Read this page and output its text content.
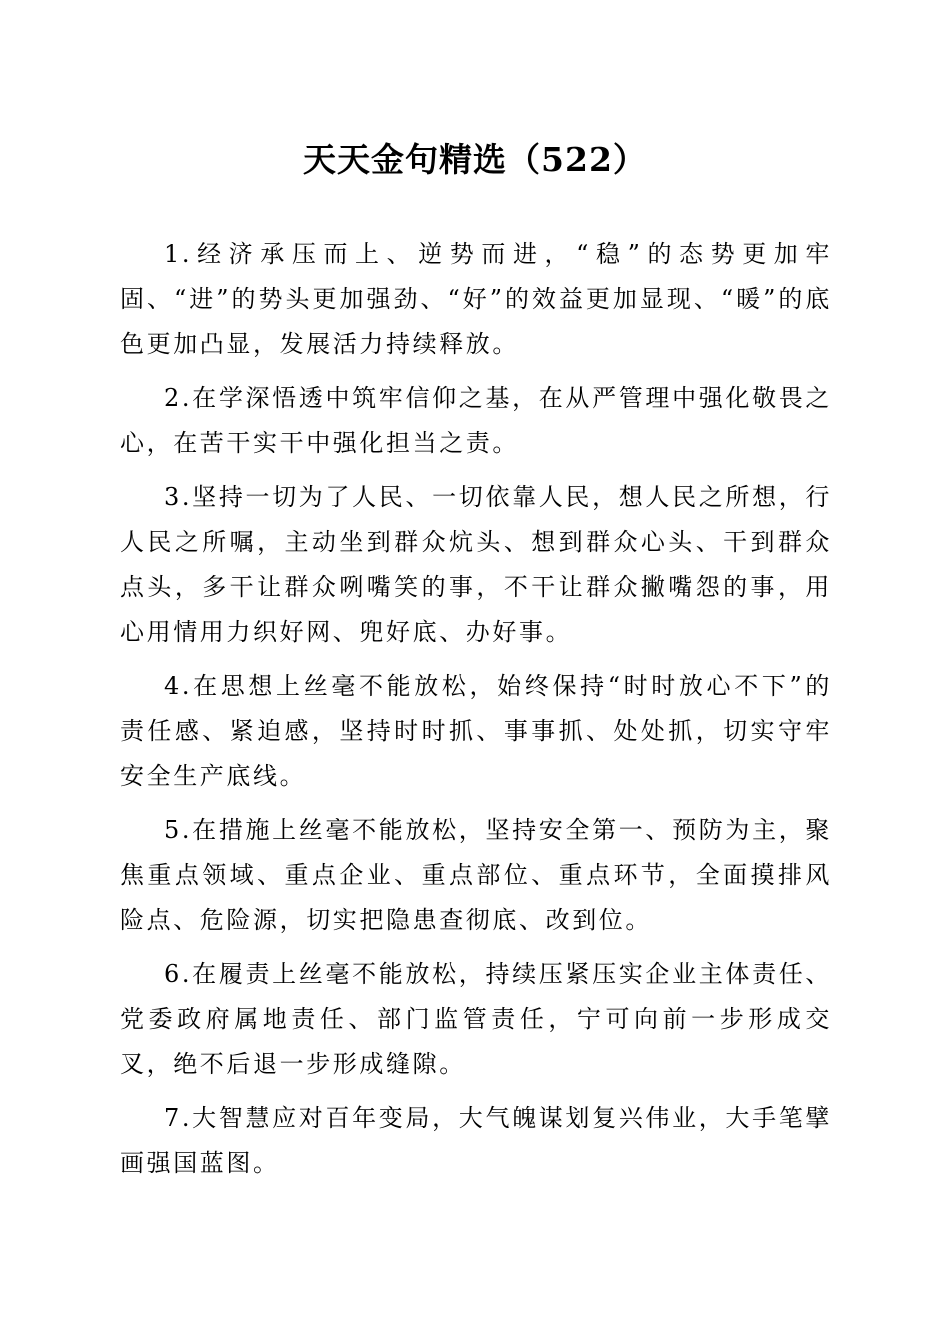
天天金句精选（522）

1.经济承压而上、逆势而进，“稳”的态势更加牢固、“进”的势头更加强劲、“好”的效益更加显现、“暖”的底色更加凸显，发展活力持续释放。

2.在学深悟透中筑牢信仰之基，在从严管理中强化敬畏之心，在苦干实干中强化担当之责。

3.坚持一切为了人民、一切依靠人民，想人民之所想，行人民之所嘱，主动坐到群众炕头、想到群众心头、干到群众点头，多干让群众咧嘴笑的事，不干让群众撇嘴怨的事，用心用情用力织好网、兜好底、办好事。

4.在思想上丝毫不能放松，始终保持“时时放心不下”的责任感、紧迫感，坚持时时抓、事事抓、处处抓，切实守牢安全生产底线。

5.在措施上丝毫不能放松，坚持安全第一、预防为主，聚焦重点领域、重点企业、重点部位、重点环节，全面摸排风险点、危险源，切实把隐患查彻底、改到位。

6.在履责上丝毫不能放松，持续压紧压实企业主体责任、党委政府属地责任、部门监管责任，宁可向前一步形成交叉，绝不后退一步形成缝隙。

7.大智慧应对百年变局，大气魄谋划复兴伟业，大手笔擘画强国蓝图。
